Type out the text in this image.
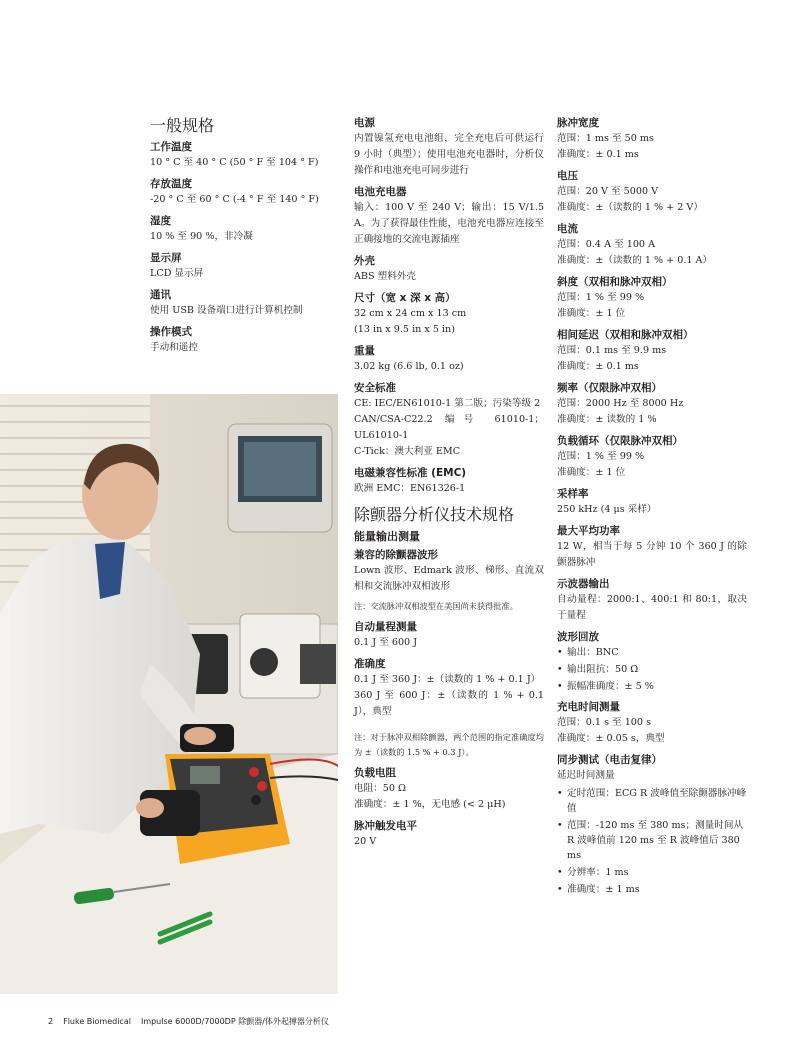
一般规格
工作温度
10 ° C 至 40 ° C (50 ° F 至 104 ° F)
存放温度
-20 ° C 至 60 ° C (-4 ° F 至 140 ° F)
湿度
10 % 至 90 %，非冷凝
显示屏
LCD 显示屏
通讯
使用 USB 设备端口进行计算机控制
操作模式
手动和遥控
电源
内置镍氢充电电池组，完全充电后可供运行 9 小时（典型）；使用电池充电器时，分析仪操作和电池充电可同步进行
电池充电器
输入：100 V 至 240 V；输出：15 V/1.5 A。为了获得最佳性能，电池充电器应连接至正确接地的交流电源插座
外壳
ABS 塑料外壳
尺寸（宽 x 深 x 高）
32 cm x 24 cm x 13 cm
(13 in x 9.5 in x 5 in)
重量
3.02 kg (6.6 lb, 0.1 oz)
安全标准
CE: IEC/EN61010-1 第二版；污染等级 2
CAN/CSA-C22.2 编号 61010-1；UL61010-1
C-Tick：澳大利亚 EMC
电磁兼容性标准 (EMC)
欧洲 EMC：EN61326-1
除颤器分析仪技术规格
能量输出测量
兼容的除颤器波形
Lown 波形、Edmark 波形、梯形、直流双相和交流脉冲双相波形
注：交流脉冲双相波型在美国尚未获得批准。
自动量程测量
0.1 J 至 600 J
准确度
0.1 J 至 360 J：±（读数的 1 % + 0.1 J）
360 J 至 600 J：±（读数的 1 % + 0.1 J），典型
注：对于脉冲双相除颤器，两个范围的指定准确度均为 ±（读数的 1.5 % + 0.3 J）。
负载电阻
电阻：50 Ω
准确度：± 1 %，无电感 (< 2 μH)
脉冲触发电平
20 V
脉冲宽度
范围：1 ms 至 50 ms
准确度：± 0.1 ms
电压
范围：20 V 至 5000 V
准确度：±（读数的 1 % + 2 V）
电流
范围：0.4 A 至 100 A
准确度：±（读数的 1 % + 0.1 A）
斜度（双相和脉冲双相）
范围：1 % 至 99 %
准确度：± 1 位
相间延迟（双相和脉冲双相）
范围：0.1 ms 至 9.9 ms
准确度：± 0.1 ms
频率（仅限脉冲双相）
范围：2000 Hz 至 8000 Hz
准确度：± 读数的 1 %
负载循环（仅限脉冲双相）
范围：1 % 至 99 %
准确度：± 1 位
采样率
250 kHz (4 μs 采样）
最大平均功率
12 W，相当于每 5 分钟 10 个 360 J 的除颤器脉冲
示波器输出
自动量程：2000:1、400:1 和 80:1，取决于量程
波形回放
• 输出：BNC
• 输出阻抗：50 Ω
• 振幅准确度：± 5 %
充电时间测量
范围：0.1 s 至 100 s
准确度：± 0.05 s，典型
同步测试（电击复律）
延迟时间测量
• 定时范围：ECG R 波峰值至除颤器脉冲峰值
• 范围：-120 ms 至 380 ms；测量时间从 R 波峰值前 120 ms 至 R 波峰值后 380 ms
• 分辨率：1 ms
• 准确度：± 1 ms
2 Fluke Biomedical Impulse 6000D/7000DP 除颤器/体外起搏器分析仪
